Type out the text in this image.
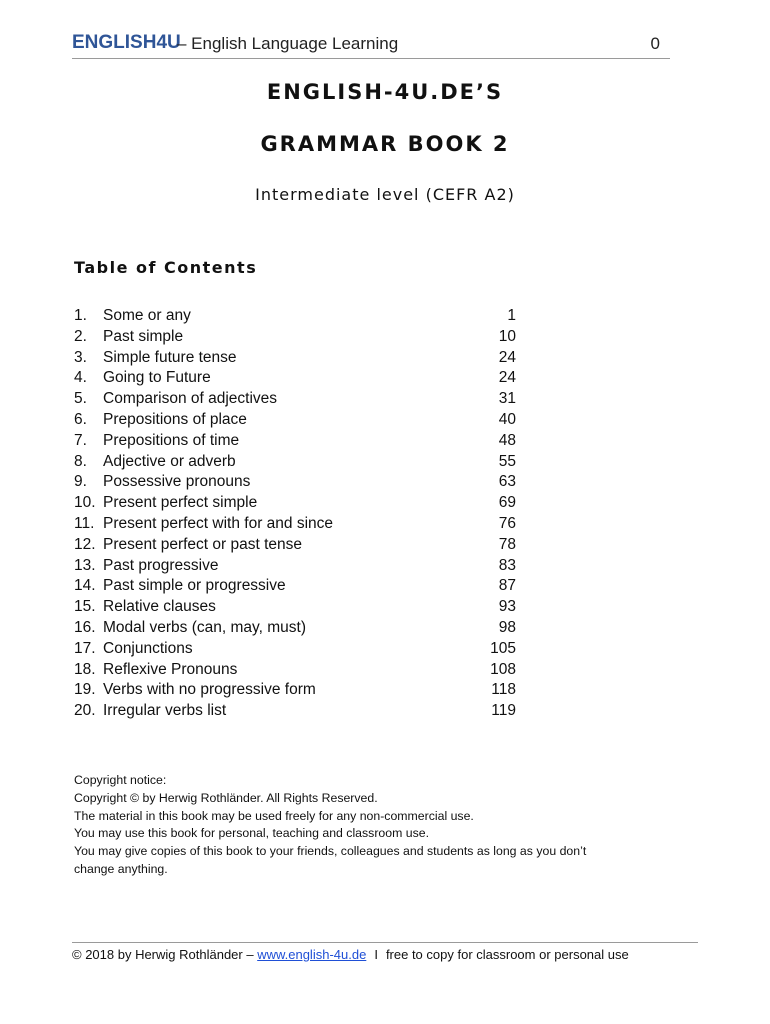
ENGLISH4U
– English Language Learning	0
ENGLISH-4U.DE’S
GRAMMAR BOOK 2
Intermediate level (CEFR A2)
Table of Contents
1. Some or any	1
2. Past simple	10
3. Simple future tense	24
4. Going to Future	24
5. Comparison of adjectives	31
6. Prepositions of place	40
7. Prepositions of time	48
8. Adjective or adverb	55
9. Possessive pronouns	63
10. Present perfect simple	69
11. Present perfect with for and since	76
12. Present perfect or past tense	78
13. Past progressive	83
14. Past simple or progressive	87
15. Relative clauses	93
16. Modal verbs (can, may, must)	98
17. Conjunctions	105
18. Reflexive Pronouns	108
19. Verbs with no progressive form	118
20. Irregular verbs list	119
Copyright notice:
Copyright © by Herwig Rothländer. All Rights Reserved.
The material in this book may be used freely for any non-commercial use.
You may use this book for personal, teaching and classroom use.
You may give copies of this book to your friends, colleagues and students as long as you don’t
change anything.
© 2018 by Herwig Rothländer – www.english-4u.de I free to copy for classroom or personal use
